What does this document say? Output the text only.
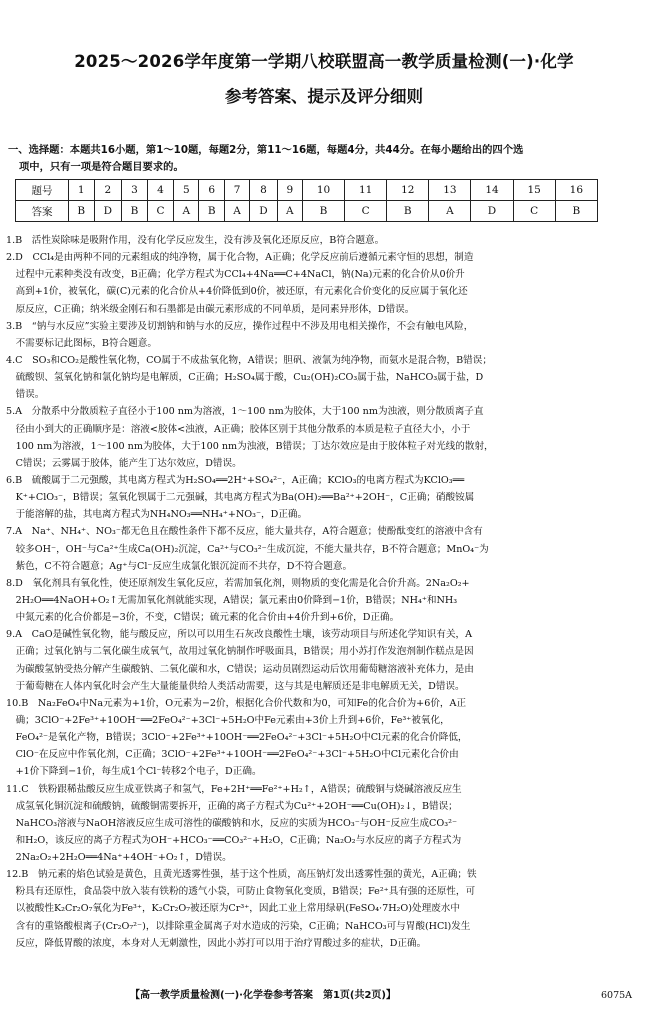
2025～2026学年度第一学期八校联盟高一教学质量检测(一)·化学
参考答案、提示及评分细则
一、选择题：本题共16小题，第1～10题，每题2分，第11～16题，每题4分，共44分。在每小题给出的四个选
项中，只有一项是符合题目要求的。
题号	1	2	3	4	5	6	7	8	9	10	11	12	13	14	15	16
答案	B	D	B	C	A	B	A	D	A	B	C	B	A	D	C	B
1.B　活性炭除味是吸附作用，没有化学反应发生，没有涉及氧化还原反应，B符合题意。
2.D　CCl₄是由两种不同的元素组成的纯净物，属于化合物，A正确；化学反应前后遵循元素守恒的思想，制造
　过程中元素种类没有改变，B正确；化学方程式为CCl₄+4Na══C+4NaCl，钠(Na)元素的化合价从0价升
　高到+1价，被氧化，碳(C)元素的化合价从+4价降低到0价，被还原，有元素化合价变化的反应属于氧化还
　原反应，C正确；纳米级金刚石和石墨都是由碳元素形成的不同单质，是同素异形体，D错误。
3.B　“钠与水反应”实验主要涉及切割钠和钠与水的反应，操作过程中不涉及用电相关操作，不会有触电风险，
　不需要标记此图标，B符合题意。
4.C　SO₃和CO₂是酸性氧化物，CO属于不成盐氧化物，A错误；胆矾、液氯为纯净物，而氨水是混合物，B错误；
　硫酸钡、氢氧化钠和氯化钠均是电解质，C正确；H₂SO₄属于酸，Cu₂(OH)₂CO₃属于盐，NaHCO₃属于盐，D
　错误。
5.A　分散系中分散质粒子直径小于100 nm为溶液，1～100 nm为胶体，大于100 nm为浊液，则分散质离子直
　径由小到大的正确顺序是：溶液<胶体<浊液，A正确；胶体区别于其他分散系的本质是粒子直径大小，小于
　100 nm为溶液，1～100 nm为胶体，大于100 nm为浊液，B错误；丁达尔效应是由于胶体粒子对光线的散射，
　C错误；云雾属于胶体，能产生丁达尔效应，D错误。
6.B　硫酸属于二元强酸，其电离方程式为H₂SO₄══2H⁺+SO₄²⁻，A正确；KClO₃的电离方程式为KClO₃══
　K⁺+ClO₃⁻，B错误；氢氧化钡属于二元强碱，其电离方程式为Ba(OH)₂══Ba²⁺+2OH⁻，C正确；硝酸铵属
　于能溶解的盐，其电离方程式为NH₄NO₃══NH₄⁺+NO₃⁻，D正确。
7.A　Na⁺、NH₄⁺、NO₃⁻都无色且在酸性条件下都不反应，能大量共存，A符合题意；使酚酞变红的溶液中含有
　较多OH⁻，OH⁻与Ca²⁺生成Ca(OH)₂沉淀，Ca²⁺与CO₃²⁻生成沉淀，不能大量共存，B不符合题意；MnO₄⁻为
　紫色，C不符合题意；Ag⁺与Cl⁻反应生成氯化银沉淀而不共存，D不符合题意。
8.D　氧化剂具有氧化性，使还原剂发生氧化反应，若需加氧化剂，则物质的变化需是化合价升高。2Na₂O₂+
　2H₂O══4NaOH+O₂↑无需加氧化剂就能实现，A错误；氯元素由0价降到−1价，B错误；NH₄⁺和NH₃
　中氮元素的化合价都是−3价，不变，C错误；硫元素的化合价由+4价升到+6价，D正确。
9.A　CaO是碱性氧化物，能与酸反应，所以可以用生石灰改良酸性土壤，该劳动项目与所述化学知识有关，A
　正确；过氧化钠与二氧化碳生成氧气，故用过氧化钠制作呼吸面具，B错误；用小苏打作发泡剂制作糕点是因
　为碳酸氢钠受热分解产生碳酸钠、二氧化碳和水，C错误；运动员剧烈运动后饮用葡萄糖溶液补充体力，是由
　于葡萄糖在人体内氧化时会产生大量能量供给人类活动需要，这与其是电解质还是非电解质无关，D错误。
10.B　Na₂FeO₄中Na元素为+1价，O元素为−2价，根据化合价代数和为0，可知Fe的化合价为+6价，A正
　确；3ClO⁻+2Fe³⁺+10OH⁻══2FeO₄²⁻+3Cl⁻+5H₂O中Fe元素由+3价上升到+6价，Fe³⁺被氧化，
　FeO₄²⁻是氧化产物，B错误；3ClO⁻+2Fe³⁺+10OH⁻══2FeO₄²⁻+3Cl⁻+5H₂O中Cl元素的化合价降低，
　ClO⁻在反应中作氧化剂，C正确；3ClO⁻+2Fe³⁺+10OH⁻══2FeO₄²⁻+3Cl⁻+5H₂O中Cl元素化合价由
　+1价下降到−1价，每生成1个Cl⁻转移2个电子，D正确。
11.C　铁粉跟稀盐酸反应生成亚铁离子和氢气，Fe+2H⁺══Fe²⁺+H₂↑，A错误；硫酸铜与烧碱溶液反应生
　成氢氧化铜沉淀和硫酸钠，硫酸铜需要拆开，正确的离子方程式为Cu²⁺+2OH⁻══Cu(OH)₂↓，B错误；
　NaHCO₃溶液与NaOH溶液反应生成可溶性的碳酸钠和水，反应的实质为HCO₃⁻与OH⁻反应生成CO₃²⁻
　和H₂O，该反应的离子方程式为OH⁻+HCO₃⁻══CO₃²⁻+H₂O，C正确；Na₂O₂与水反应的离子方程式为
　2Na₂O₂+2H₂O══4Na⁺+4OH⁻+O₂↑，D错误。
12.B　钠元素的焰色试验是黄色，且黄光透雾性强，基于这个性质，高压钠灯发出透雾性强的黄光，A正确；铁
　粉具有还原性，食品袋中放入装有铁粉的透气小袋，可防止食物氧化变质，B错误；Fe²⁺具有强的还原性，可
　以被酸性K₂Cr₂O₇氧化为Fe³⁺，K₂Cr₂O₇被还原为Cr³⁺，因此工业上常用绿矾(FeSO₄·7H₂O)处理废水中
　含有的重铬酸根离子(Cr₂O₇²⁻)，以排除重金属离子对水造成的污染，C正确；NaHCO₃可与胃酸(HCl)发生
　反应，降低胃酸的浓度，本身对人无刺激性，因此小苏打可以用于治疗胃酸过多的症状，D正确。
【高一教学质量检测(一)·化学卷参考答案　第1页(共2页)】	6075A
